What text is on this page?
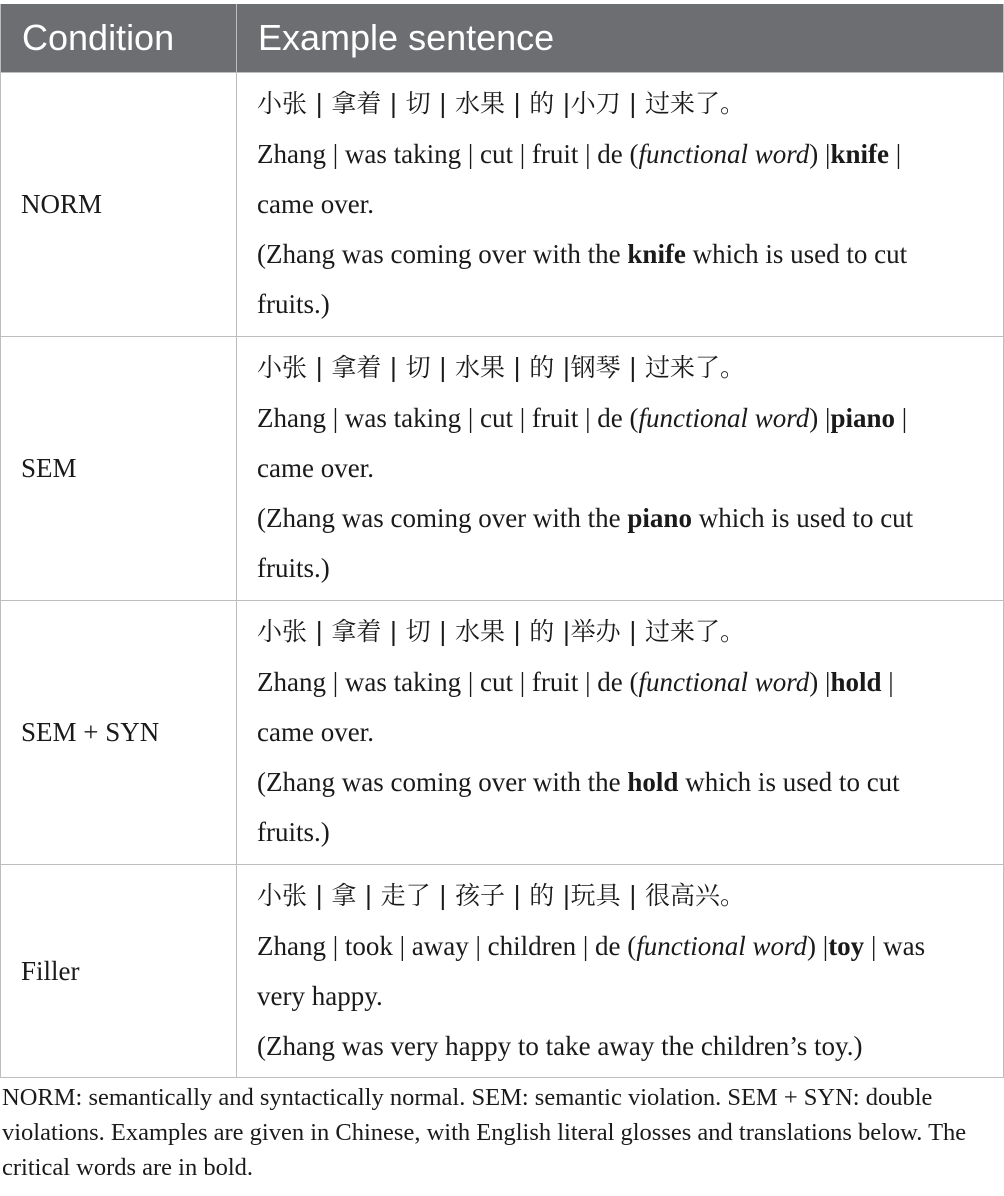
Condition	Example sentence
NORM	小张 | 拿着 | 切 | 水果 | 的 |小刀 | 过来了。
Zhang | was taking | cut | fruit | de (functional word) |knife |
came over.
(Zhang was coming over with the knife which is used to cut
fruits.)

SEM	小张 | 拿着 | 切 | 水果 | 的 |钢琴 | 过来了。
Zhang | was taking | cut | fruit | de (functional word) |piano |
came over.
(Zhang was coming over with the piano which is used to cut
fruits.)

SEM + SYN	小张 | 拿着 | 切 | 水果 | 的 |举办 | 过来了。
Zhang | was taking | cut | fruit | de (functional word) |hold |
came over.
(Zhang was coming over with the hold which is used to cut
fruits.)

Filler	小张 | 拿 | 走了 | 孩子 | 的 |玩具 | 很高兴。
Zhang | took | away | children | de (functional word) |toy | was
very happy.
(Zhang was very happy to take away the children’s toy.)

NORM: semantically and syntactically normal. SEM: semantic violation. SEM + SYN: double violations. Examples are given in Chinese, with English literal glosses and translations below. The critical words are in bold.
